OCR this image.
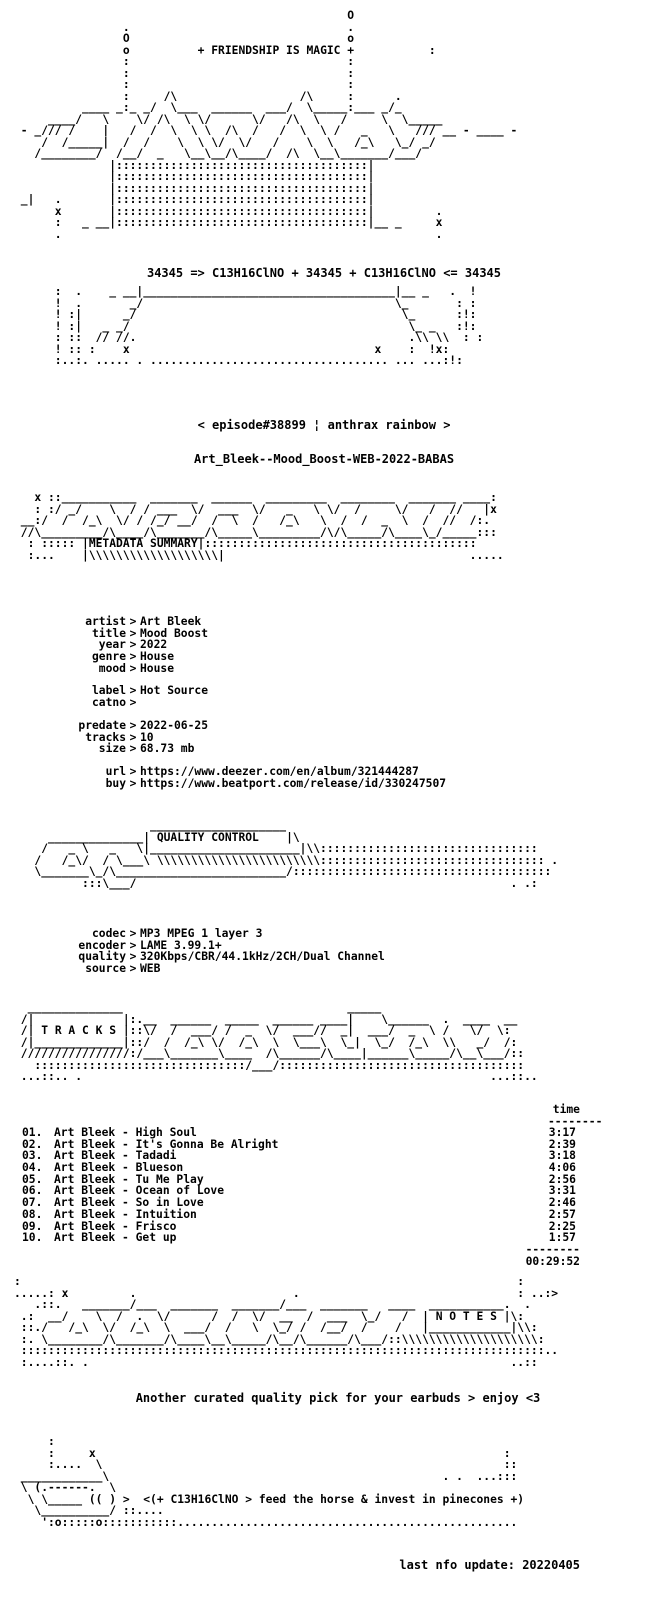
O
.                                .
O                                o
o	+ FRIENDSHIP IS MAGIC +	:
:                                :
:                                :
:                                :
:     /\                  /\     :      .
____ _:_ _/  \___  ______  ___/  \_____:___ _/_
____/   \    \/ /\  \ \/      \/   /\  \   /     \  \_____
- _/// /    |   /  /  \  \ \  /\  /   /  \  \ /   _   \   /// __ - ____ -
/  /_____|  /  /    \  \ \/  \/   /    \  \   /_\   \_/ _/
/________/  /__/  _   \__\__/\____/  /\  \__\_______/___/
|:::::::::::::::::::::::::::::::::::::|
|:::::::::::::::::::::::::::::::::::::|
|:::::::::::::::::::::::::::::::::::::|
_|   .       |:::::::::::::::::::::::::::::::::::::|
x       |:::::::::::::::::::::::::::::::::::::|         .
:   _ __|:::::::::::::::::::::::::::::::::::::|__ _     x
.                                                       .
34345 => C13H16ClNO + 34345 + C13H16ClNO <= 34345
:  .    _ __|_____________________________________|__ _   .  !
!  .       _/                                     \_       : :
! :|      _/                                       \_      :!:
! :|   _ _/                                         \_ _   :!:
: ::  // //.                                        .\\ \\  : :
! :: :    x                                    x    :  !x:
:..:. ..... . ................................... ... ...:!:
< episode#38899 ¦ anthrax rainbow >
Art_Bleek--Mood_Boost-WEB-2022-BABAS
x ::___________  _______  ______  _________  ________  _______ ____:
: :/ _/    \  / / ___  \/  ___  \/   _   \ \/  /     \/   /  //   |x
__:/  /  /_\  \/ / /_/ __/  /  \  /   /_\   \  /  /  _  \  /  //  /:.
//\_________/\____/\_______/\_____\_________/\/\_____/\____\_/_____:::
: ::::: |METADATA SUMMARY|::::::::::::::::::::::::::::::::::::::::
:...    |\\\\\\\\\\\\\\\\\\\|                                    .....
artist > Art Bleek
title > Mood Boost
year > 2022
genre > House
mood > House
label > Hot Source
catno >
predate > 2022-06-25
tracks > 10
size > 68.73 mb
url > https://www.deezer.com/en/album/321444287
buy > https://www.beatport.com/release/id/330247507
____________________
______________| QUALITY CONTROL    |\
/   _ \   _   \|______________________|\\::::::::::::::::::::::::::::::::
/   /_\/  / \___\ \\\\\\\\\\\\\\\\\\\\\\\\::::::::::::::::::::::::::::::::: .
\_______\_/\_________________________/::::::::::::::::::::::::::::::::::::::
:::\___/                                                       . .:
codec > MP3 MPEG 1 layer 3
encoder > LAME 3.99.1+
quality > 320Kbps/CBR/44.1kHz/2CH/Dual Channel
source > WEB
______________                                 _____
/|             |:.__  ______  _____  ______ ____|    \______  .  ____  __
/| T R A C K S |::\/  /  ___/ /  _  \/  ___//  _|  ___/  _  \ /   \/  \:
/|_____________|::/  /  /_\ \/  /_\  \  \___\  \_|  \_/  /_\  \\   _/  /:
////////////////:/___\_______\____  /\______/\____|______\_____/\__\___/::
:::::::::::::::::::::::::::::::/___/::::::::::::::::::::::::::::::::::::
...::.. .                                                            ...::..
time
--------
01.	Art Bleek - High Soul	3:17
02.	Art Bleek - It's Gonna Be Alright	2:39
03.	Art Bleek - Tadadi	3:18
04.	Art Bleek - Blueson	4:06
05.	Art Bleek - Tu Me Play	2:56
06.	Art Bleek - Ocean of Love	3:31
07.	Art Bleek - So in Love	2:46
08.	Art Bleek - Intuition	2:57
09.	Art Bleek - Frisco	2:25
10.	Art Bleek - Get up	1:57
--------
00:29:52
:                                                                         :
.....: x         .                       .                                : ..:>
.::.   _______/___  _______  _______/___  _______   ____  ___________.  .
.:  __/    \  /  .  \/      /  /  \/  __  /  ___  \_/   /  | N O T E S |\:
::./   /_\  \/  /_\  \  ___/  /   \  \_/ /  /__/  /    /   |____________|\\:
:. \________/\_______/\____\__\_____/\__/\______/\___/::\\\\\\\\\\\\\\\\\\\\:
:::::::::::::::::::::::::::::::::::::::::::::::::::::::::::::::::::::::::::::..
:....::. .                                                              ..::
Another curated quality pick for your earbuds > enjoy <3
:
:     x                                                            :
:....  \                                                           ::
____________\                                                 . .  ...:::
\ (.------.  \
\ \_____ (( ) >  <(+ C13H16ClNO > feed the horse & invest in pinecones +)
\__________/ ::....
':o:::::o:::::::::::..................................................
last nfo update: 20220405
